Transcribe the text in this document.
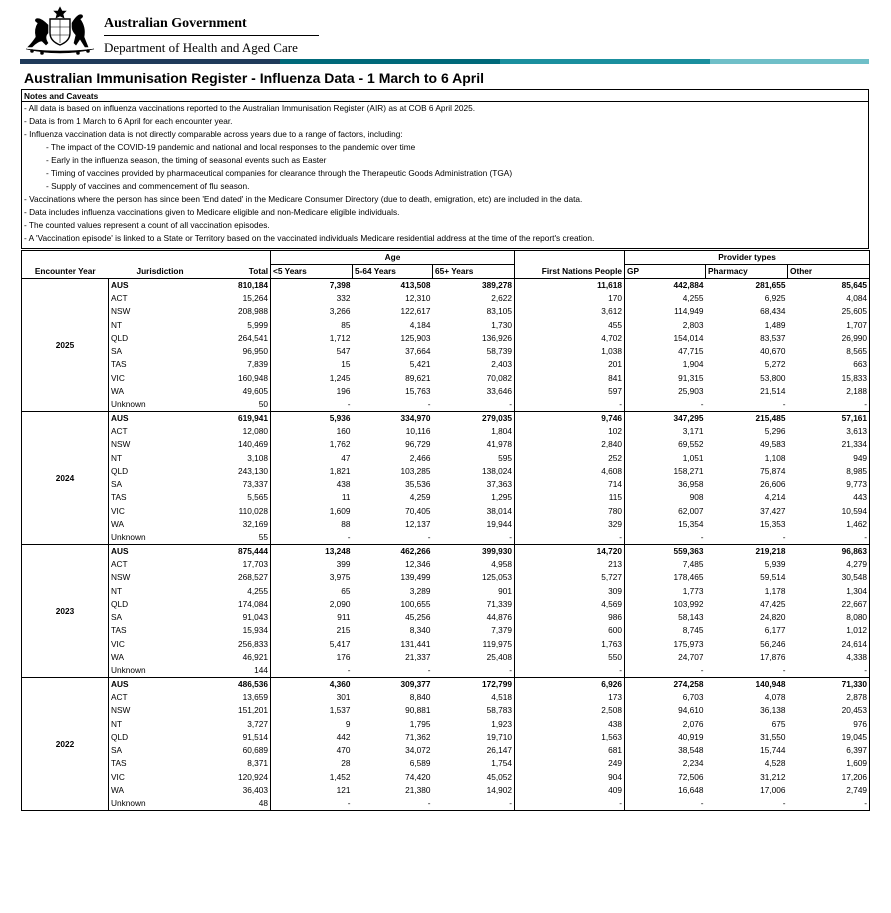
Australian Government
Department of Health and Aged Care
Australian Immunisation Register - Influenza Data - 1 March to 6 April
Notes and Caveats
- All data is based on influenza vaccinations reported to the Australian Immunisation Register (AIR) as at COB 6 April 2025.
- Data is from 1 March to 6 April for each encounter year.
- Influenza vaccination data is not directly comparable across years due to a range of factors, including:
- The impact of the COVID-19 pandemic and national and local responses to the pandemic over time
- Early in the influenza season, the timing of seasonal events such as Easter
- Timing of vaccines provided by pharmaceutical companies for clearance through the Therapeutic Goods Administration (TGA)
- Supply of vaccines and commencement of flu season.
- Vaccinations where the person has since been 'End dated' in the Medicare Consumer Directory (due to death, emigration, etc) are included in the data.
- Data includes influenza vaccinations given to Medicare eligible and non-Medicare eligible individuals.
- The counted values represent a count of all vaccination episodes.
- A 'Vaccination episode' is linked to a State or Territory based on the vaccinated individuals Medicare residential address at the time of the report's creation.
			Age				Provider types		
Encounter Year	Jurisdiction	Total	<5 Years	5-64 Years	65+ Years	First Nations People	GP	Pharmacy	Other
2025	AUS	810,184	7,398	413,508	389,278	11,618	442,884	281,655	85,645
	ACT	15,264	332	12,310	2,622	170	4,255	6,925	4,084
	NSW	208,988	3,266	122,617	83,105	3,612	114,949	68,434	25,605
	NT	5,999	85	4,184	1,730	455	2,803	1,489	1,707
	QLD	264,541	1,712	125,903	136,926	4,702	154,014	83,537	26,990
	SA	96,950	547	37,664	58,739	1,038	47,715	40,670	8,565
	TAS	7,839	15	5,421	2,403	201	1,904	5,272	663
	VIC	160,948	1,245	89,621	70,082	841	91,315	53,800	15,833
	WA	49,605	196	15,763	33,646	597	25,903	21,514	2,188
	Unknown	50	-	-	-	-	-	-	-
2024	AUS	619,941	5,936	334,970	279,035	9,746	347,295	215,485	57,161
	ACT	12,080	160	10,116	1,804	102	3,171	5,296	3,613
	NSW	140,469	1,762	96,729	41,978	2,840	69,552	49,583	21,334
	NT	3,108	47	2,466	595	252	1,051	1,108	949
	QLD	243,130	1,821	103,285	138,024	4,608	158,271	75,874	8,985
	SA	73,337	438	35,536	37,363	714	36,958	26,606	9,773
	TAS	5,565	11	4,259	1,295	115	908	4,214	443
	VIC	110,028	1,609	70,405	38,014	780	62,007	37,427	10,594
	WA	32,169	88	12,137	19,944	329	15,354	15,353	1,462
	Unknown	55	-	-	-	-	-	-	-
2023	AUS	875,444	13,248	462,266	399,930	14,720	559,363	219,218	96,863
	ACT	17,703	399	12,346	4,958	213	7,485	5,939	4,279
	NSW	268,527	3,975	139,499	125,053	5,727	178,465	59,514	30,548
	NT	4,255	65	3,289	901	309	1,773	1,178	1,304
	QLD	174,084	2,090	100,655	71,339	4,569	103,992	47,425	22,667
	SA	91,043	911	45,256	44,876	986	58,143	24,820	8,080
	TAS	15,934	215	8,340	7,379	600	8,745	6,177	1,012
	VIC	256,833	5,417	131,441	119,975	1,763	175,973	56,246	24,614
	WA	46,921	176	21,337	25,408	550	24,707	17,876	4,338
	Unknown	144	-	-	-	-	-	-	-
2022	AUS	486,536	4,360	309,377	172,799	6,926	274,258	140,948	71,330
	ACT	13,659	301	8,840	4,518	173	6,703	4,078	2,878
	NSW	151,201	1,537	90,881	58,783	2,508	94,610	36,138	20,453
	NT	3,727	9	1,795	1,923	438	2,076	675	976
	QLD	91,514	442	71,362	19,710	1,563	40,919	31,550	19,045
	SA	60,689	470	34,072	26,147	681	38,548	15,744	6,397
	TAS	8,371	28	6,589	1,754	249	2,234	4,528	1,609
	VIC	120,924	1,452	74,420	45,052	904	72,506	31,212	17,206
	WA	36,403	121	21,380	14,902	409	16,648	17,006	2,749
	Unknown	48	-	-	-	-	-	-	-
